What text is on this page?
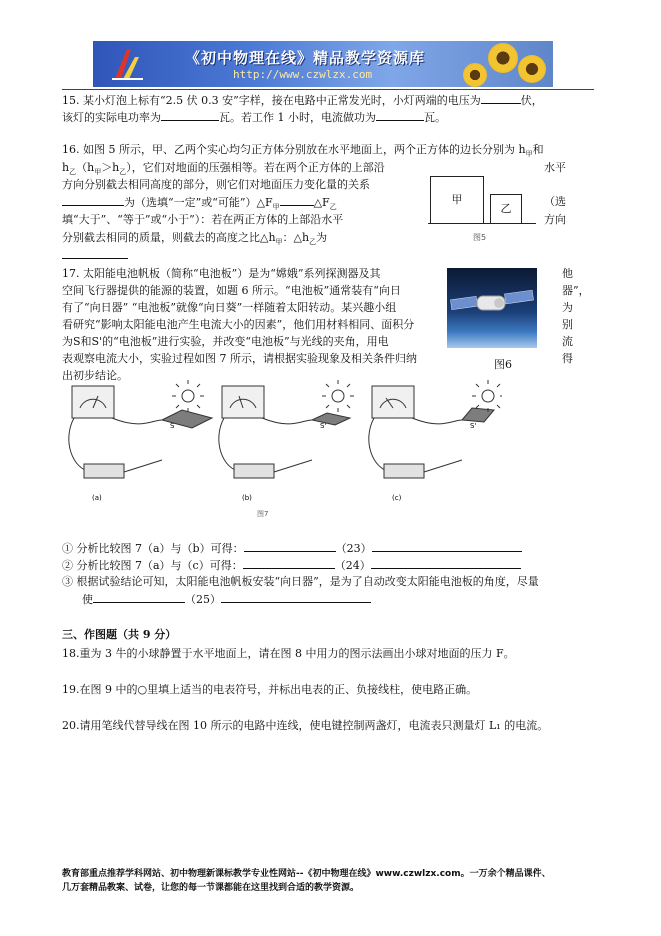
《初中物理在线》精品教学资源库
http://www.czwlzx.com
15. 某小灯泡上标有“2.5 伏 0.3 安”字样，接在电路中正常发光时，小灯两端的电压为	伏，
该灯的实际电功率为	瓦。若工作 1 小时，电流做功为	瓦。
16. 如图 5 所示，甲、乙两个实心均匀正方体分别放在水平地面上，两个正方体的边长分别为 $h_甲$和
$h_乙(h_甲>h_乙)$，它们对地面的压强相等。若在两个正方体的上部沿	水平
方向分别截去相同高度的部分，则它们对地面压力变化量的关系
为（选填“一定”或“可能$”)\triangle F_甲$	$\triangle F_乙$	（选
填“大于”、“等于”或“小于”）：若在两正方体的上部沿水平	方向
分别截去相同的质量，则截去的高度之比$\triangle h_甲$：$\triangle h_乙$为
甲
乙
图5
17. 太阳能电池帆板（简称“电池板”）是为“嫦娥”系列探测器及其	他
空间飞行器提供的能源的装置，如题 6 所示。“电池板”通常装有“向日	器”，
有了“向日器” “电池板”就像“向日葵”一样随着太阳转动。某兴趣小组	为
看研究“影响太阳能电池产生电流大小的因素”，他们用材料相同、面积分	别
为S和S'的“电池板”进行实验，并改变“电池板”与光线的夹角，用电	流
表观察电流大小，实验过程如图 7 所示，请根据实验现象及相关条件归纳	得
出初步结论。
图6
S
(a)
S'
(b)
S'
(c)
图7
① 分析比较图 7（a）与（b）可得：	（23）
② 分析比较图 7（a）与（c）可得：	（24）
③ 根据试验结论可知，太阳能电池帆板安装“向日器”，是为了自动改变太阳能电池板的角度，尽量
使	（25）
三、作图题（共 9 分）
18.重为 3 牛的小球静置于水平地面上，请在图 8 中用力的图示法画出小球对地面的压力 F。
19.在图 9 中的○里填上适当的电表符号，并标出电表的正、负接线柱，使电路正确。
20.请用笔线代替导线在图 10 所示的电路中连线，使电键控制两盏灯，电流表只测量灯 L₁ 的电流。
教育部重点推荐学科网站、初中物理新课标教学专业性网站--《初中物理在线》www.czwlzx.com。一万余个精品课件、
几万套精品教案、试卷，让您的每一节课都能在这里找到合适的教学资源。
